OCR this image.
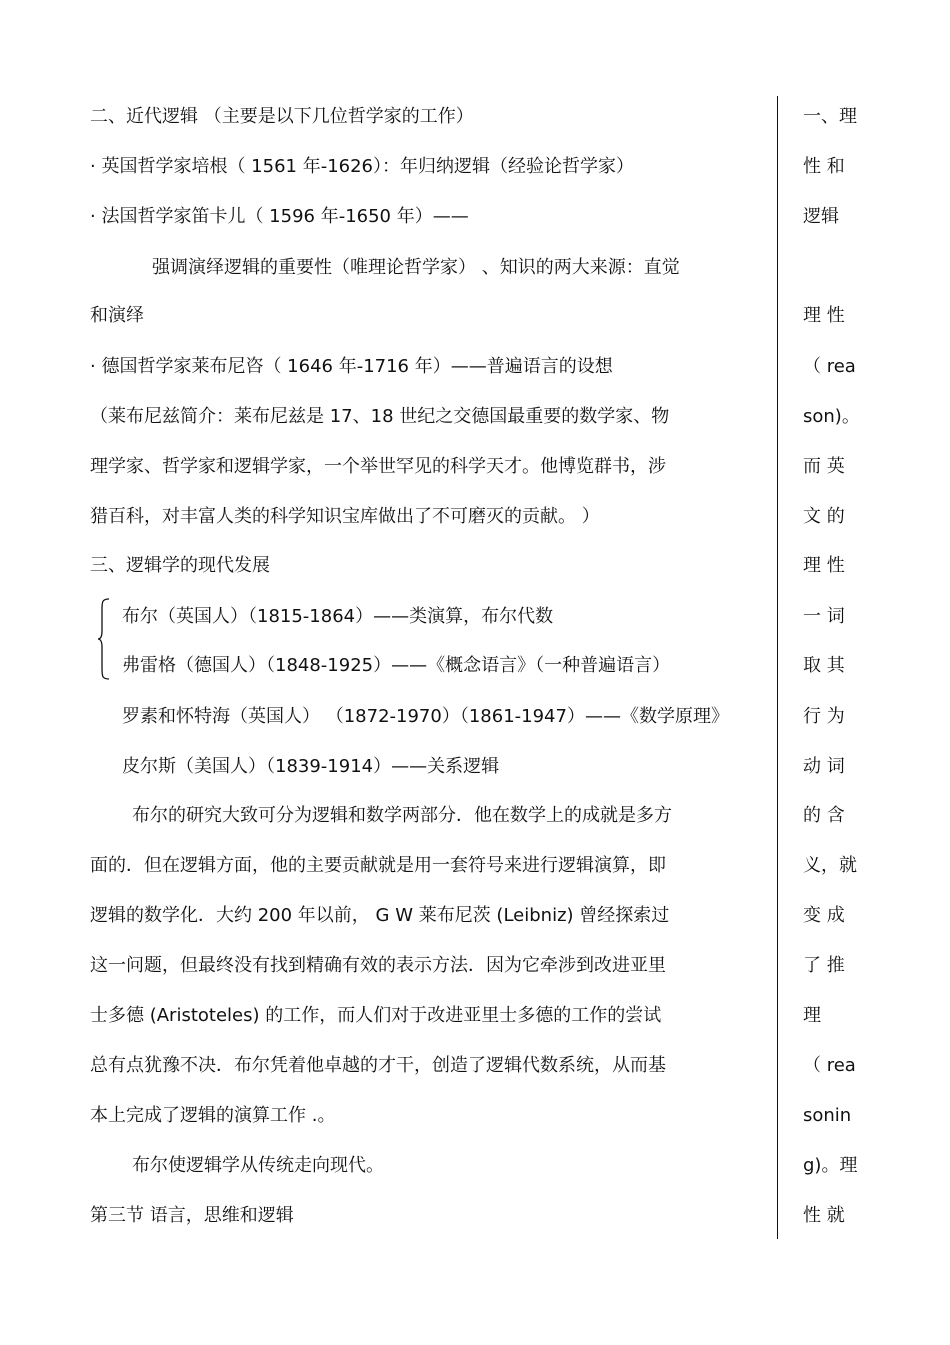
二、近代逻辑 （主要是以下几位哲学家的工作）
· 英国哲学家培根（ 1561 年-1626）：年归纳逻辑（经验论哲学家）
· 法国哲学家笛卡儿（ 1596 年-1650 年）——
强调演绎逻辑的重要性（唯理论哲学家） 、知识的两大来源：直觉
和演绎
· 德国哲学家莱布尼咨（ 1646 年-1716 年）——普遍语言的设想
（莱布尼兹简介：莱布尼兹是 17、18 世纪之交德国最重要的数学家、物
理学家、哲学家和逻辑学家，一个举世罕见的科学天才。他博览群书，涉
猎百科，对丰富人类的科学知识宝库做出了不可磨灭的贡献。 ）
三、逻辑学的现代发展
布尔（英国人）（1815-1864）——类演算，布尔代数
弗雷格（德国人）（1848-1925）——《概念语言》（一种普遍语言）
罗素和怀特海（英国人） （1872-1970）（1861-1947）——《数学原理》
皮尔斯（美国人）（1839-1914）——关系逻辑
布尔的研究大致可分为逻辑和数学两部分．他在数学上的成就是多方
面的．但在逻辑方面，他的主要贡献就是用一套符号来进行逻辑演算，即
逻辑的数学化．大约 200 年以前， G W 莱布尼茨 (Leibniz) 曾经探索过
这一问题，但最终没有找到精确有效的表示方法．因为它牵涉到改进亚里
士多德 (Aristoteles) 的工作，而人们对于改进亚里士多德的工作的尝试
总有点犹豫不决．布尔凭着他卓越的才干，创造了逻辑代数系统，从而基
本上完成了逻辑的演算工作 .。
布尔使逻辑学从传统走向现代。
第三节 语言，思维和逻辑
一、理
性 和
逻辑
理 性
（ rea
son)。
而 英
文 的
理 性
一 词
取 其
行 为
动 词
的 含
义，就
变 成
了 推
理
（ rea
sonin
g)。理
性 就
